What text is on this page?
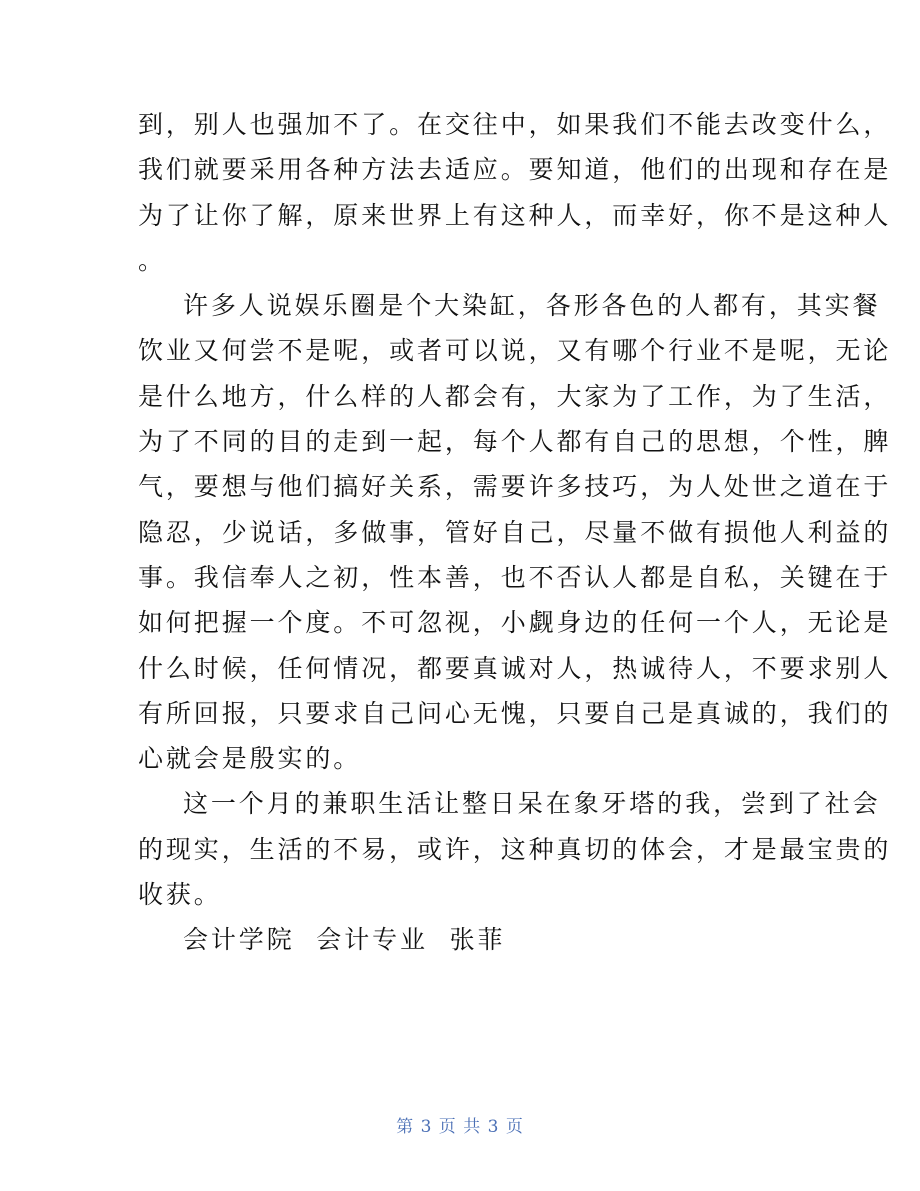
到，别人也强加不了。在交往中，如果我们不能去改变什么，
我们就要采用各种方法去适应。要知道，他们的出现和存在是
为了让你了解，原来世界上有这种人，而幸好，你不是这种人
。
许多人说娱乐圈是个大染缸，各形各色的人都有，其实餐
饮业又何尝不是呢，或者可以说，又有哪个行业不是呢，无论
是什么地方，什么样的人都会有，大家为了工作，为了生活，
为了不同的目的走到一起，每个人都有自己的思想，个性，脾
气，要想与他们搞好关系，需要许多技巧，为人处世之道在于
隐忍，少说话，多做事，管好自己，尽量不做有损他人利益的
事。我信奉人之初，性本善，也不否认人都是自私，关键在于
如何把握一个度。不可忽视，小觑身边的任何一个人，无论是
什么时候，任何情况，都要真诚对人，热诚待人，不要求别人
有所回报，只要求自己问心无愧，只要自己是真诚的，我们的
心就会是殷实的。
这一个月的兼职生活让整日呆在象牙塔的我，尝到了社会
的现实，生活的不易，或许，这种真切的体会，才是最宝贵的
收获。
会计学院  会计专业  张菲
第 3 页 共 3 页
